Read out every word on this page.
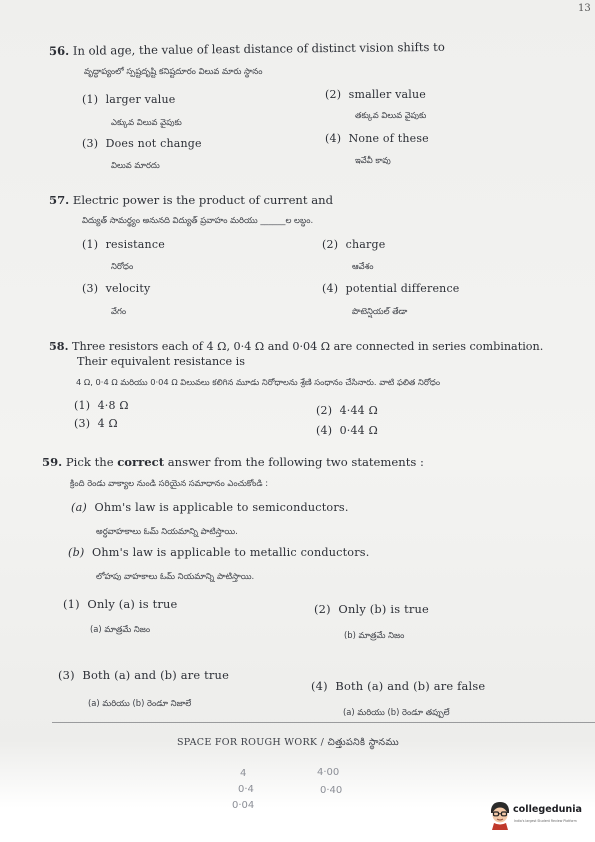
13
56. In old age, the value of least distance of distinct vision shifts to
వృద్ధాప్యంలో స్పష్టదృష్టి కనిష్టదూరం విలువ మారు స్థానం
(1) larger value
ఎక్కువ విలువ వైపుకు
(2) smaller value
తక్కువ విలువ వైపుకు
(3) Does not change
విలువ మారదు
(4) None of these
ఇవేవీ కావు
57. Electric power is the product of current and
విద్యుత్ సామర్థ్యం అనునది విద్యుత్ ప్రవాహం మరియు ______ల లబ్ధం.
(1) resistance
నిరోధం
(2) charge
ఆవేశం
(3) velocity
వేగం
(4) potential difference
పొటెన్షియల్ తేడా
58. Three resistors each of 4 Ω, 0·4 Ω and 0·04 Ω are connected in series combination.
Their equivalent resistance is
4 Ω, 0·4 Ω మరియు 0·04 Ω విలువలు కలిగిన మూడు నిరోధాలను శ్రేణి సంధానం చేసినారు. వాటి ఫలిత నిరోధం
(1) 4·8 Ω	(2) 4·44 Ω
(3) 4 Ω
(4) 0·44 Ω
59. Pick the correct answer from the following two statements :
క్రింది రెండు వాక్యాల నుండి సరియైన సమాధానం ఎంచుకోండి :
(a) Ohm's law is applicable to semiconductors.
అర్ధవాహకాలు ఓమ్ నియమాన్ని పాటిస్తాయి.
(b) Ohm's law is applicable to metallic conductors.
లోహపు వాహకాలు ఓమ్ నియమాన్ని పాటిస్తాయి.
(1) Only (a) is true
(a) మాత్రమే నిజం
(2) Only (b) is true
(b) మాత్రమే నిజం
(3) Both (a) and (b) are true
(a) మరియు (b) రెండూ నిజాలే
(4) Both (a) and (b) are false
(a) మరియు (b) రెండూ తప్పులే
SPACE FOR ROUGH WORK / చిత్తుపనికి స్థానము
4
0·4
0·04
4·00
0·40
collegedunia
India's largest Student Review Platform
